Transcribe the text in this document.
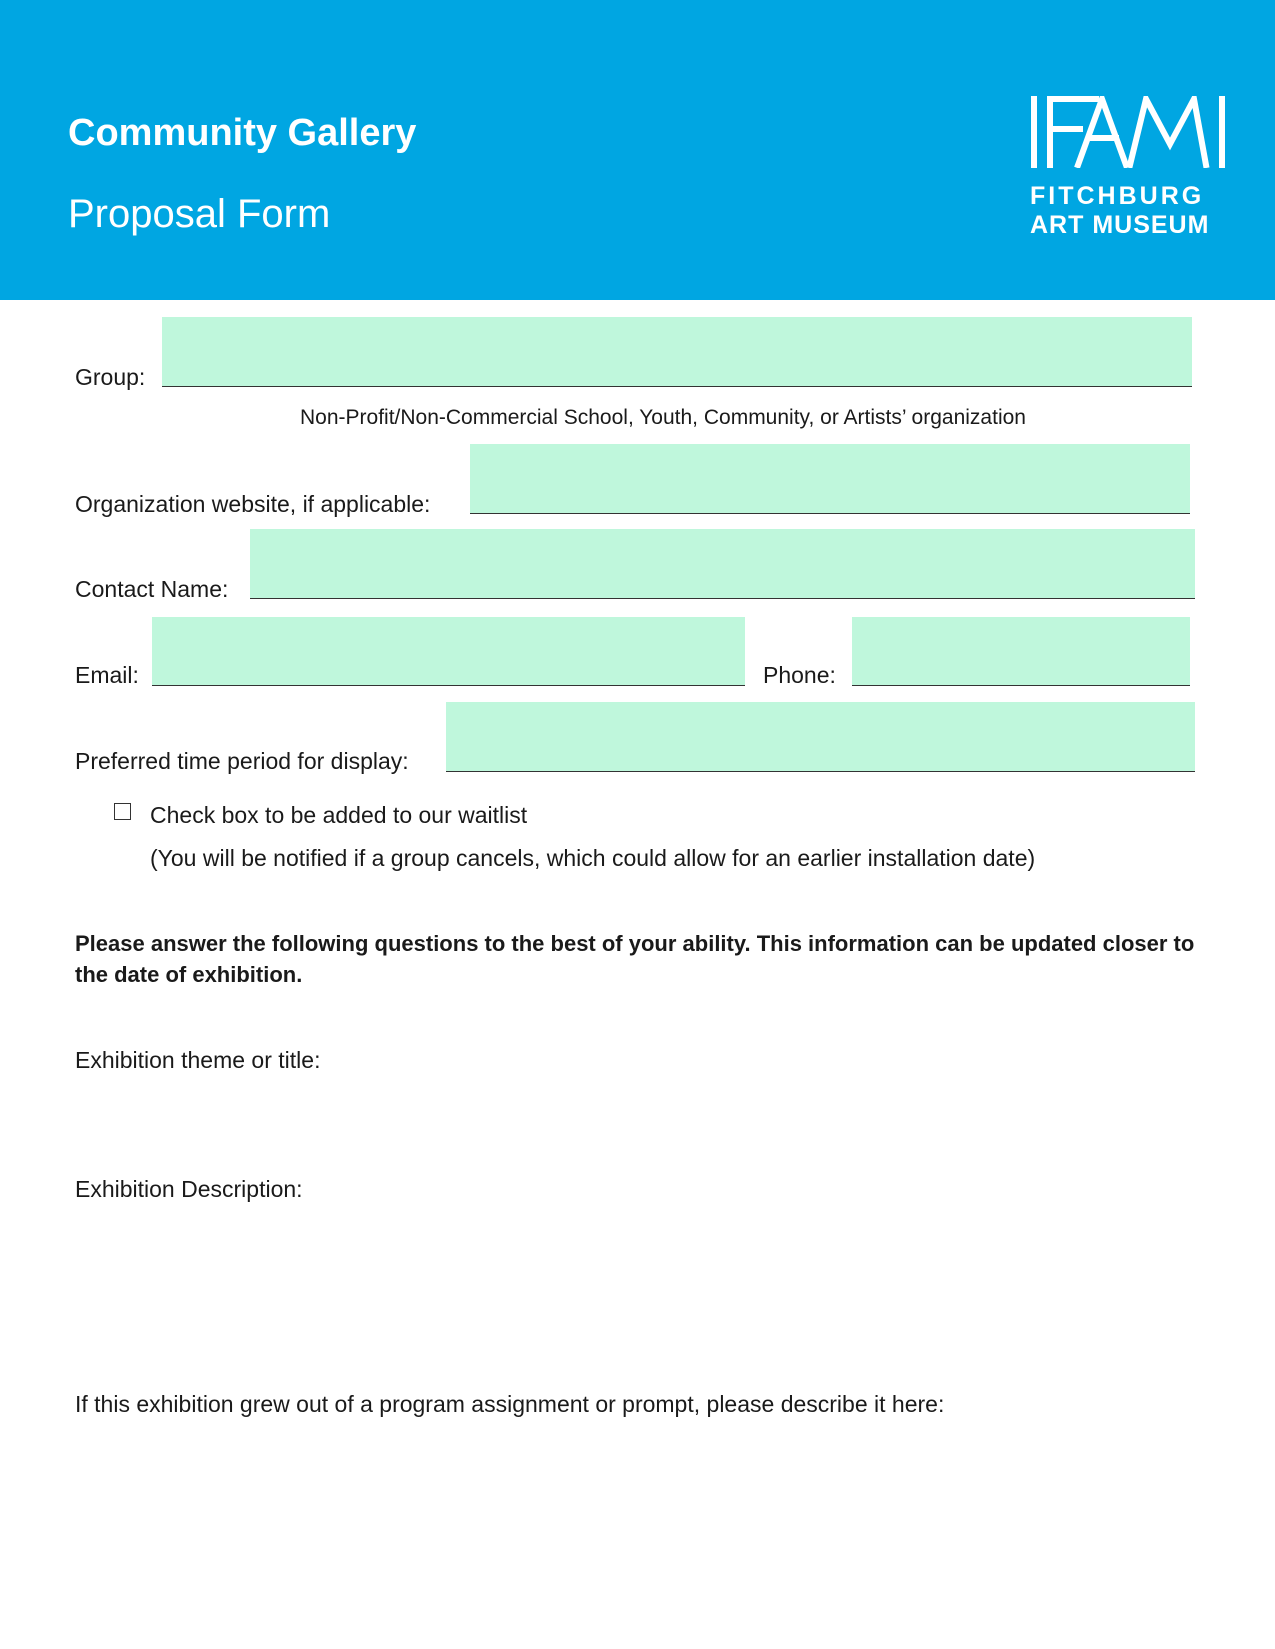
Community Gallery
Proposal Form	FITCHBURG
ART MUSEUM
Group:
Non-Profit/Non-Commercial School, Youth, Community, or Artists’ organization
Organization website, if applicable:
Contact Name:
Email:	Phone:
Preferred time period for display:
Check box to be added to our waitlist
(You will be notified if a group cancels, which could allow for an earlier installation date)
Please answer the following questions to the best of your ability. This information can be updated closer to the date of exhibition.
Exhibition theme or title:
Exhibition Description:
If this exhibition grew out of a program assignment or prompt, please describe it here:
